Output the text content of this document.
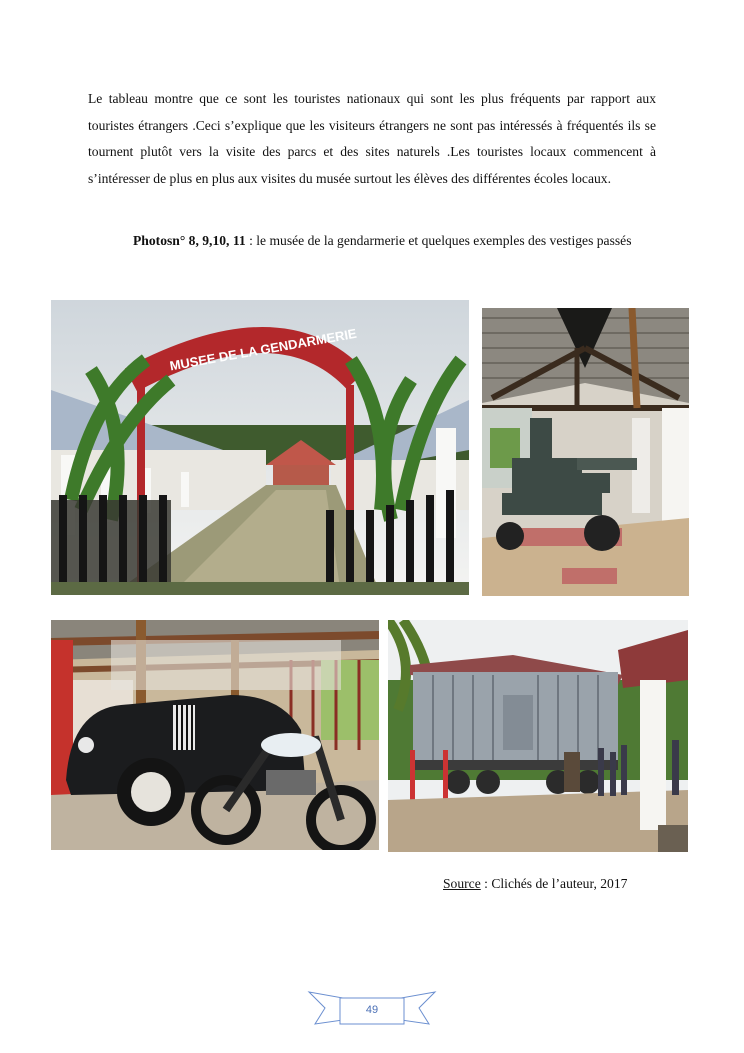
Le tableau montre que ce sont les touristes nationaux qui sont les plus fréquents par rapport aux touristes étrangers .Ceci s’explique que les visiteurs étrangers ne sont pas intéressés à fréquentés ils se tournent plutôt vers la visite des parcs et des sites naturels .Les touristes locaux commencent à s’intéresser de plus en plus aux visites du musée surtout les élèves des différentes écoles locaux.

Photosn° 8, 9,10, 11 : le musée de la gendarmerie et quelques exemples des vestiges passés

MUSEE DE LA GENDARMERIE

Source : Clichés de l’auteur, 2017

49
